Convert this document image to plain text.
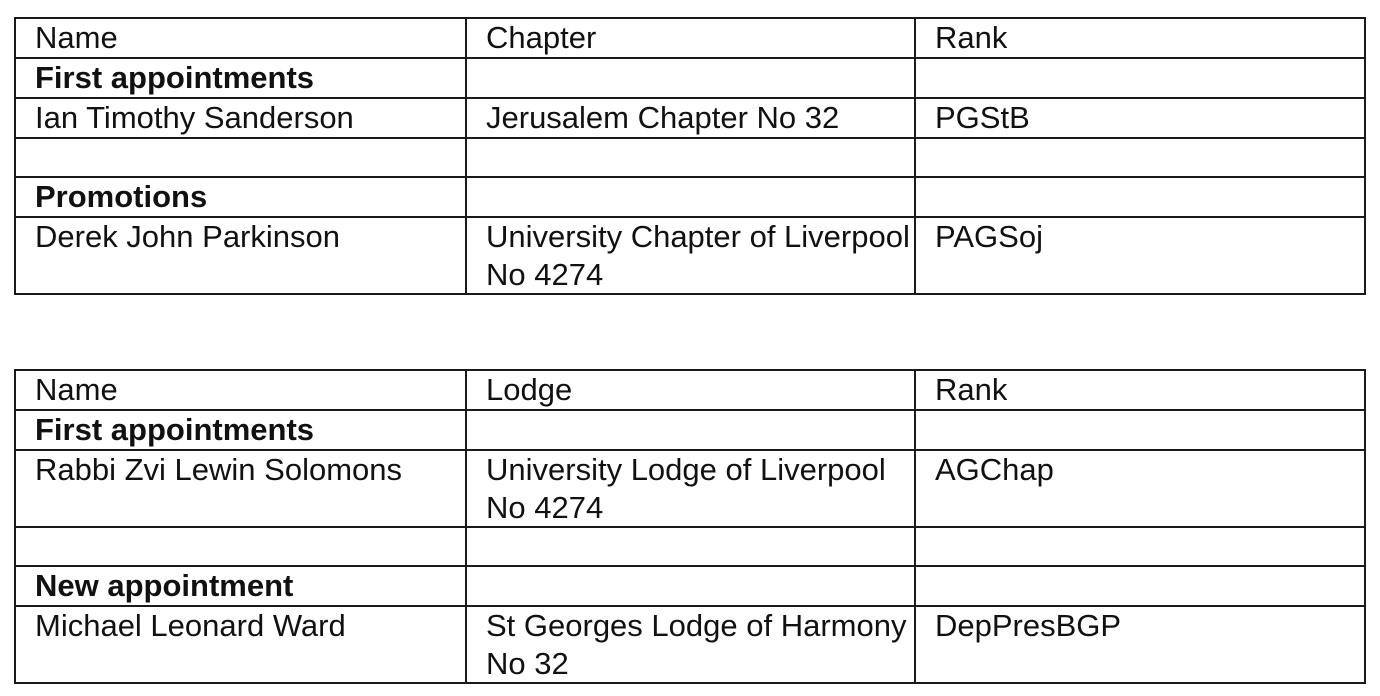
Name	Chapter	Rank

First appointments		

Ian Timothy Sanderson	Jerusalem Chapter No 32	PGStB

Promotions		

Derek John Parkinson	University Chapter of Liverpool No 4274	PAGSoj
Name	Lodge	Rank

First appointments		

Rabbi Zvi Lewin Solomons	University Lodge of Liverpool No 4274	AGChap

New appointment		

Michael Leonard Ward	St Georges Lodge of Harmony No 32	DepPresBGP
